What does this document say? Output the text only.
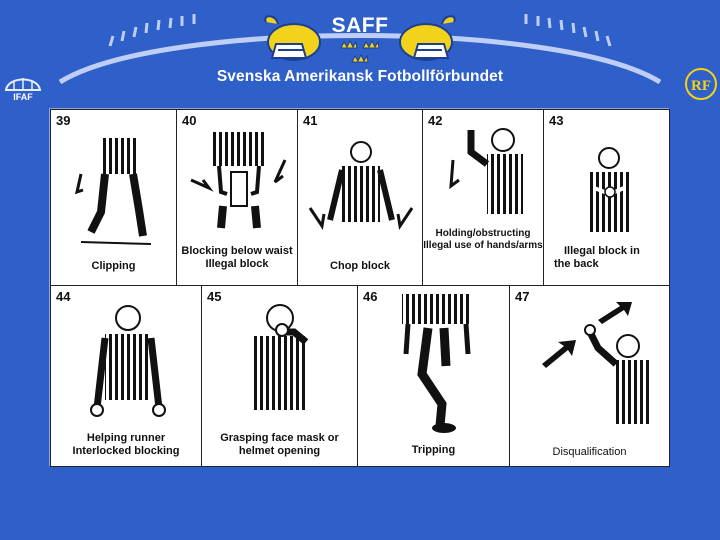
SAFF
Svenska Amerikansk Fotbollförbundet
IFAF
RF
39
Clipping
40
Blocking below waist
Illegal block
41
Chop block
42
Holding/obstructing
Illegal use of hands/arms
43
Illegal block in
the back
44
Helping runner
Interlocked blocking
45
Grasping face mask or
helmet opening
46
Tripping
47
Disqualification
